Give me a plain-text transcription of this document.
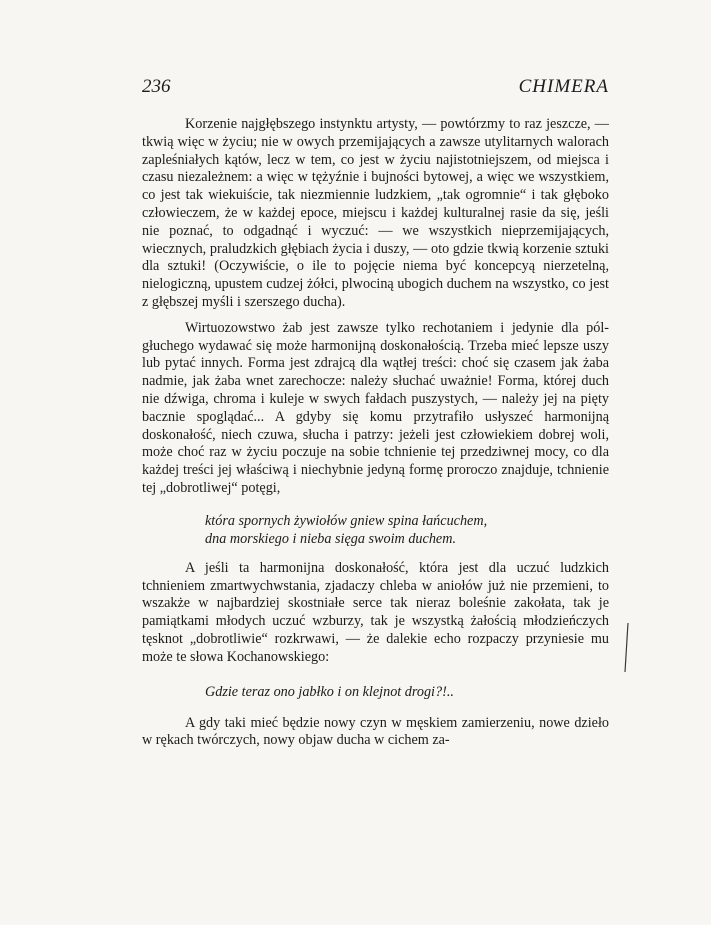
236	CHIMERA

Korzenie najgłębszego instynktu artysty, — powtórzmy to raz jeszcze, — tkwią więc w życiu; nie w owych przemijających a zawsze utylitarnych walorach zapleśniałych kątów, lecz w tem, co jest w życiu najistotniejszem, od miejsca i czasu niezależnem: a więc w tężyźnie i bujności bytowej, a więc we wszystkiem, co jest tak wiekuiście, tak niezmiennie ludzkiem, „tak ogromnie“ i tak głęboko człowieczem, że w każdej epoce, miejscu i każdej kulturalnej rasie da się, jeśli nie poznać, to odgadnąć i wyczuć: — we wszystkich nieprzemijających, wiecznych, praludzkich głębiach życia i duszy, — oto gdzie tkwią korzenie sztuki dla sztuki! (Oczywiście, o ile to pojęcie niema być koncepcyą nierzetelną, nielogiczną, upustem cudzej żółci, plwociną ubogich duchem na wszystko, co jest z głębszej myśli i szerszego ducha).

Wirtuozowstwo żab jest zawsze tylko rechotaniem i jedynie dla pól-głuchego wydawać się może harmonijną doskonałością. Trzeba mieć lepsze uszy lub pytać innych. Forma jest zdrajcą dla wątłej treści: choć się czasem jak żaba nadmie, jak żaba wnet zarechocze: należy słuchać uważnie! Forma, której duch nie dźwiga, chroma i kuleje w swych fałdach puszystych, — należy jej na pięty bacznie spoglądać... A gdyby się komu przytrafiło usłyszeć harmonijną doskonałość, niech czuwa, słucha i patrzy: jeżeli jest człowiekiem dobrej woli, może choć raz w życiu poczuje na sobie tchnienie tej przedziwnej mocy, co dla każdej treści jej właściwą i niechybnie jedyną formę proroczo znajduje, tchnienie tej „dobrotliwej“ potęgi,

która spornych żywiołów gniew spina łańcuchem,
dna morskiego i nieba sięga swoim duchem.

A jeśli ta harmonijna doskonałość, która jest dla uczuć ludzkich tchnieniem zmartwychwstania, zjadaczy chleba w aniołów już nie przemieni, to wszakże w najbardziej skostniałe serce tak nieraz boleśnie zakołata, tak je pamiątkami młodych uczuć wzburzy, tak je wszystką żałością młodzieńczych tęsknot „dobrotliwie“ rozkrwawi, — że dalekie echo rozpaczy przyniesie mu może te słowa Kochanowskiego:

Gdzie teraz ono jabłko i on klejnot drogi?!..

A gdy taki mieć będzie nowy czyn w męskiem zamierzeniu, nowe dzieło w rękach twórczych, nowy objaw ducha w cichem za-
